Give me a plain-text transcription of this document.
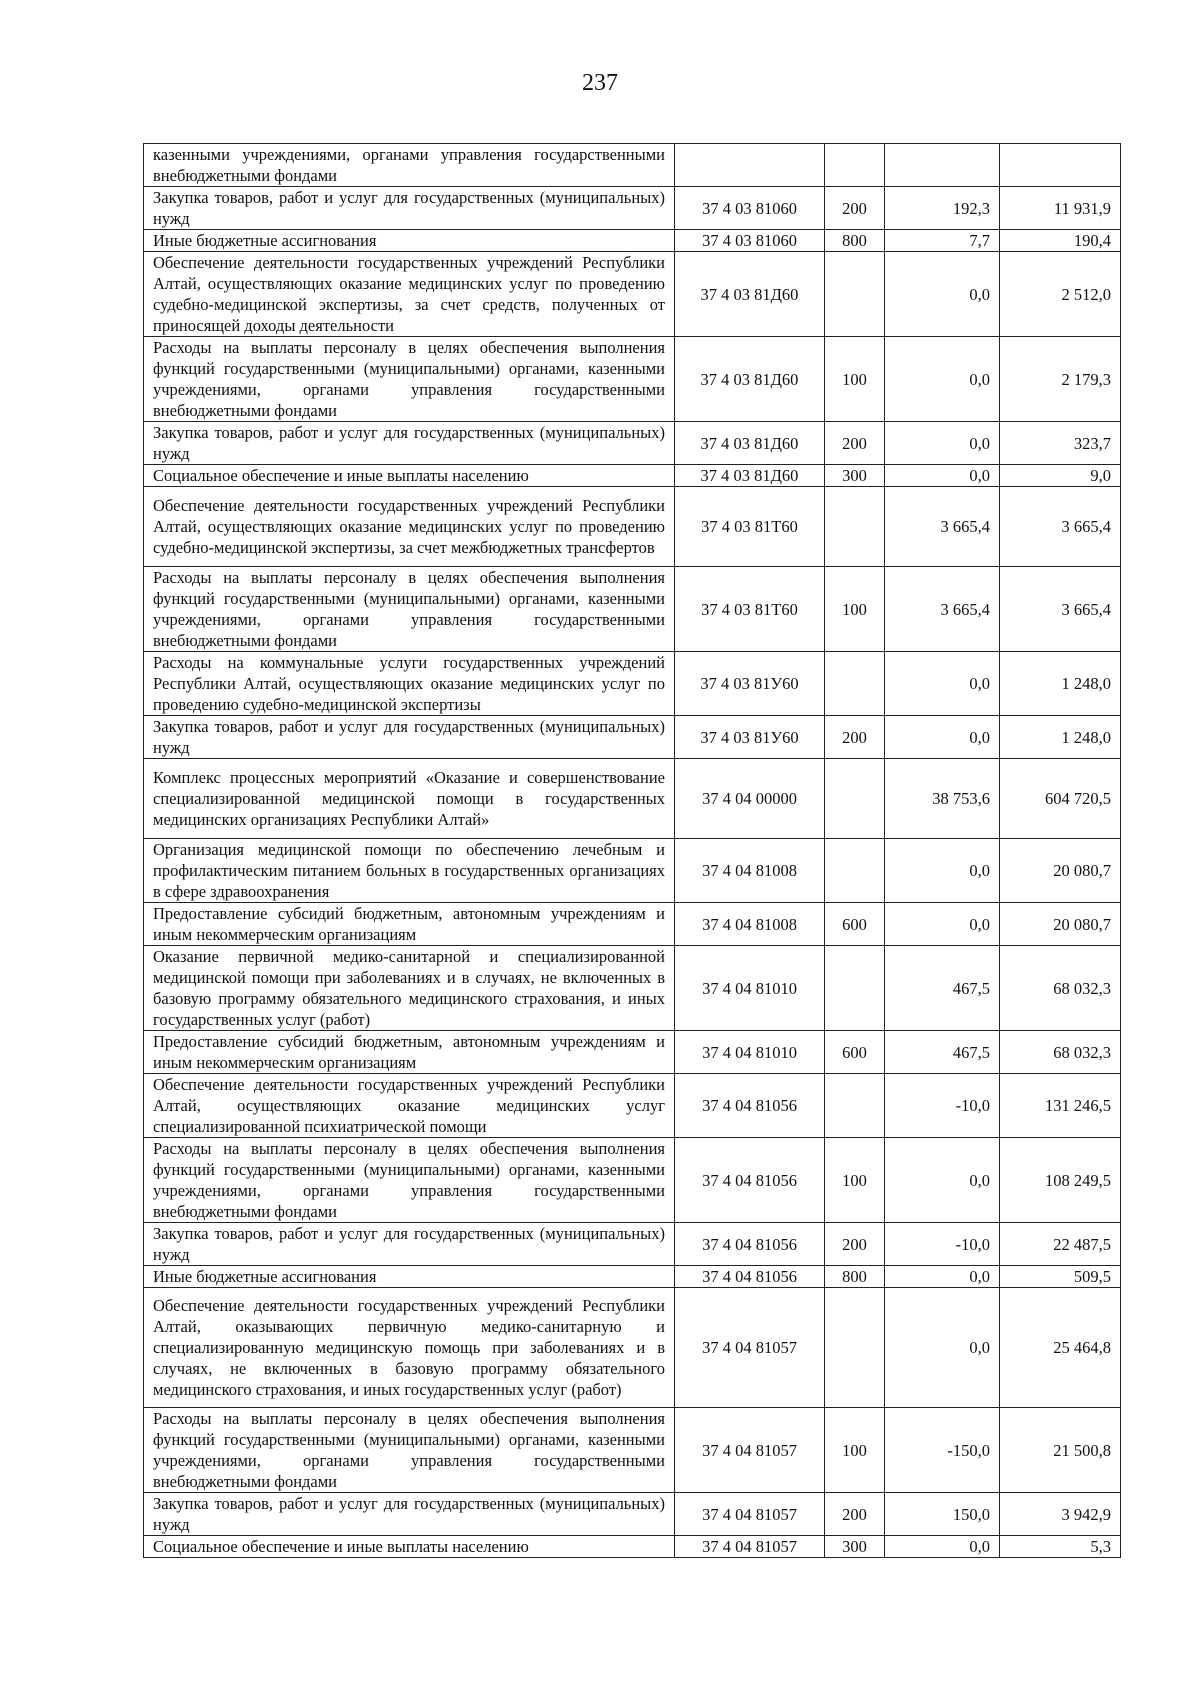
237
казенными учреждениями, органами управления государственными внебюджетными фондами				
Закупка товаров, работ и услуг для государственных (муниципальных) нужд	37 4 03 81060	200	192,3	11 931,9
Иные бюджетные ассигнования	37 4 03 81060	800	7,7	190,4
Обеспечение деятельности государственных учреждений Республики Алтай, осуществляющих оказание медицинских услуг по проведению судебно-медицинской экспертизы, за счет средств, полученных от приносящей доходы деятельности	37 4 03 81Д60		0,0	2 512,0
Расходы на выплаты персоналу в целях обеспечения выполнения функций государственными (муниципальными) органами, казенными учреждениями, органами управления государственными внебюджетными фондами	37 4 03 81Д60	100	0,0	2 179,3
Закупка товаров, работ и услуг для государственных (муниципальных) нужд	37 4 03 81Д60	200	0,0	323,7
Социальное обеспечение и иные выплаты населению	37 4 03 81Д60	300	0,0	9,0
Обеспечение деятельности государственных учреждений Республики Алтай, осуществляющих оказание медицинских услуг по проведению судебно-медицинской экспертизы, за счет межбюджетных трансфертов	37 4 03 81Т60		3 665,4	3 665,4
Расходы на выплаты персоналу в целях обеспечения выполнения функций государственными (муниципальными) органами, казенными учреждениями, органами управления государственными внебюджетными фондами	37 4 03 81Т60	100	3 665,4	3 665,4
Расходы на коммунальные услуги государственных учреждений Республики Алтай, осуществляющих оказание медицинских услуг по проведению судебно-медицинской экспертизы	37 4 03 81У60		0,0	1 248,0
Закупка товаров, работ и услуг для государственных (муниципальных) нужд	37 4 03 81У60	200	0,0	1 248,0
Комплекс процессных мероприятий «Оказание и совершенствование специализированной медицинской помощи в государственных медицинских организациях Республики Алтай»	37 4 04 00000		38 753,6	604 720,5
Организация медицинской помощи по обеспечению лечебным и профилактическим питанием больных в государственных организациях в сфере здравоохранения	37 4 04 81008		0,0	20 080,7
Предоставление субсидий бюджетным, автономным учреждениям и иным некоммерческим организациям	37 4 04 81008	600	0,0	20 080,7
Оказание первичной медико-санитарной и специализированной медицинской помощи при заболеваниях и в случаях, не включенных в базовую программу обязательного медицинского страхования, и иных государственных услуг (работ)	37 4 04 81010		467,5	68 032,3
Предоставление субсидий бюджетным, автономным учреждениям и иным некоммерческим организациям	37 4 04 81010	600	467,5	68 032,3
Обеспечение деятельности государственных учреждений Республики Алтай, осуществляющих оказание медицинских услуг специализированной психиатрической помощи	37 4 04 81056		-10,0	131 246,5
Расходы на выплаты персоналу в целях обеспечения выполнения функций государственными (муниципальными) органами, казенными учреждениями, органами управления государственными внебюджетными фондами	37 4 04 81056	100	0,0	108 249,5
Закупка товаров, работ и услуг для государственных (муниципальных) нужд	37 4 04 81056	200	-10,0	22 487,5
Иные бюджетные ассигнования	37 4 04 81056	800	0,0	509,5
Обеспечение деятельности государственных учреждений Республики Алтай, оказывающих первичную медико-санитарную и специализированную медицинскую помощь при заболеваниях и в случаях, не включенных в базовую программу обязательного медицинского страхования, и иных государственных услуг (работ)	37 4 04 81057		0,0	25 464,8
Расходы на выплаты персоналу в целях обеспечения выполнения функций государственными (муниципальными) органами, казенными учреждениями, органами управления государственными внебюджетными фондами	37 4 04 81057	100	-150,0	21 500,8
Закупка товаров, работ и услуг для государственных (муниципальных) нужд	37 4 04 81057	200	150,0	3 942,9
Социальное обеспечение и иные выплаты населению	37 4 04 81057	300	0,0	5,3
